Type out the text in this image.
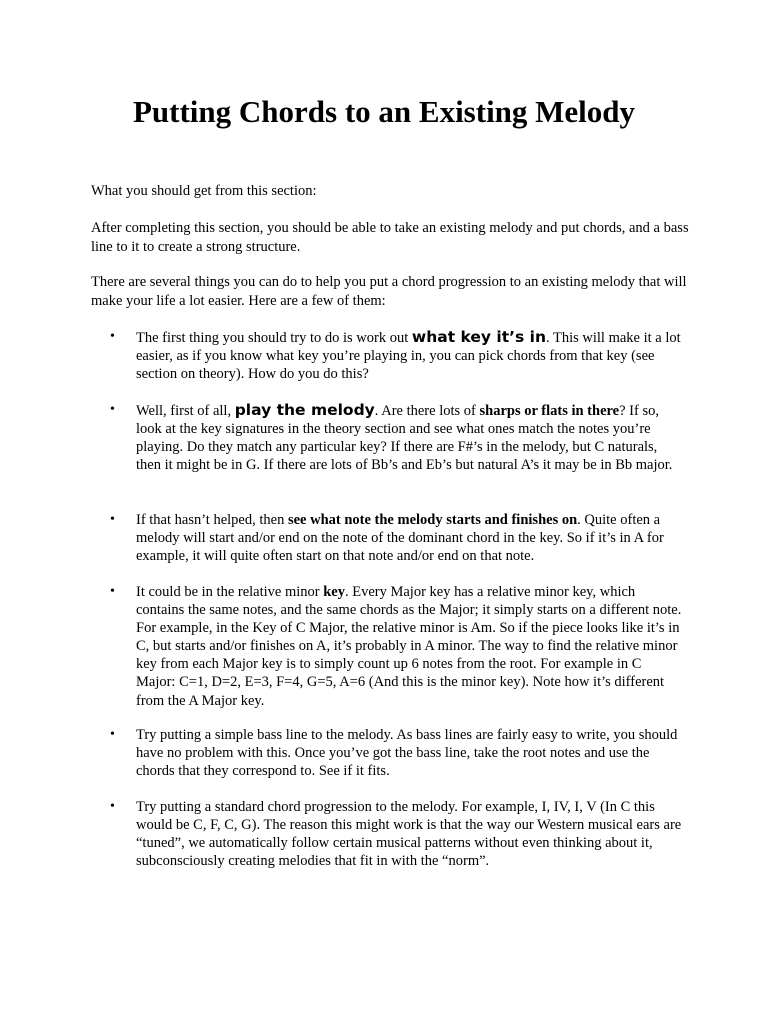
Putting Chords to an Existing Melody

What you should get from this section:

After completing this section, you should be able to take an existing melody and put chords, and a bass line to it to create a strong structure.

There are several things you can do to help you put a chord progression to an existing melody that will make your life a lot easier. Here are a few of them:

• The first thing you should try to do is work out what key it’s in. This will make it a lot easier, as if you know what key you’re playing in, you can pick chords from that key (see section on theory). How do you do this?
• Well, first of all, play the melody. Are there lots of sharps or flats in there? If so, look at the key signatures in the theory section and see what ones match the notes you’re playing. Do they match any particular key? If there are F#’s in the melody, but C naturals, then it might be in G. If there are lots of Bb’s and Eb’s but natural A’s it may be in Bb major.
• If that hasn’t helped, then see what note the melody starts and finishes on. Quite often a melody will start and/or end on the note of the dominant chord in the key. So if it’s in A for example, it will quite often start on that note and/or end on that note.
• It could be in the relative minor key. Every Major key has a relative minor key, which contains the same notes, and the same chords as the Major; it simply starts on a different note. For example, in the Key of C Major, the relative minor is Am. So if the piece looks like it’s in C, but starts and/or finishes on A, it’s probably in A minor. The way to find the relative minor key from each Major key is to simply count up 6 notes from the root. For example in C Major: C=1, D=2, E=3, F=4, G=5, A=6 (And this is the minor key). Note how it’s different from the A Major key.
• Try putting a simple bass line to the melody. As bass lines are fairly easy to write, you should have no problem with this. Once you’ve got the bass line, take the root notes and use the chords that they correspond to. See if it fits.
• Try putting a standard chord progression to the melody. For example, I, IV, I, V (In C this would be C, F, C, G). The reason this might work is that the way our Western musical ears are “tuned”, we automatically follow certain musical patterns without even thinking about it, subconsciously creating melodies that fit in with the “norm”.
